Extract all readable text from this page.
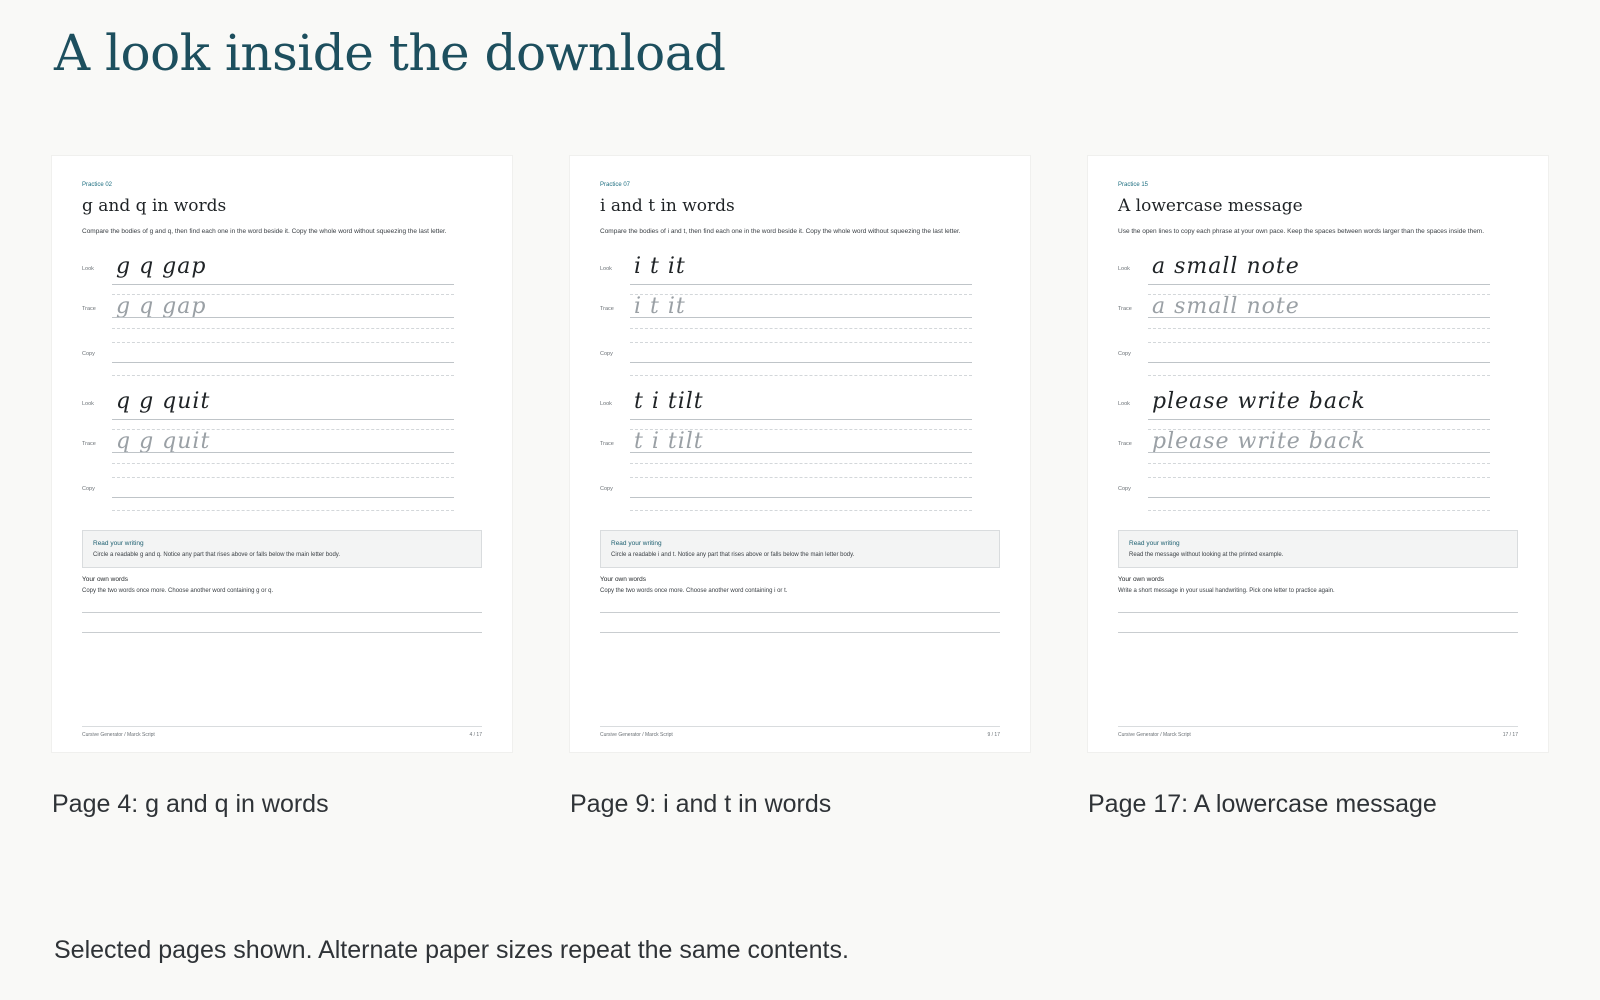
A look inside the download
Practice 02
g and q in words
Compare the bodies of g and q, then find each one in the word beside it. Copy the whole word without squeezing the last letter.
Look g q gap
Trace g q gap
Copy
Look q g quit
Trace q g quit
Copy
Read your writing
Circle a readable g and q. Notice any part that rises above or falls below the main letter body.
Your own words
Copy the two words once more. Choose another word containing g or q.
Cursive Generator / Marck Script	4 / 17
Page 4: g and q in words
Practice 07
i and t in words
Compare the bodies of i and t, then find each one in the word beside it. Copy the whole word without squeezing the last letter.
Look i t it
Trace i t it
Copy
Look t i tilt
Trace t i tilt
Copy
Read your writing
Circle a readable i and t. Notice any part that rises above or falls below the main letter body.
Your own words
Copy the two words once more. Choose another word containing i or t.
Cursive Generator / Marck Script	9 / 17
Page 9: i and t in words
Practice 15
A lowercase message
Use the open lines to copy each phrase at your own pace. Keep the spaces between words larger than the spaces inside them.
Look a small note
Trace a small note
Copy
Look please write back
Trace please write back
Copy
Read your writing
Read the message without looking at the printed example.
Your own words
Write a short message in your usual handwriting. Pick one letter to practice again.
Cursive Generator / Marck Script	17 / 17
Page 17: A lowercase message

Selected pages shown. Alternate paper sizes repeat the same contents.
